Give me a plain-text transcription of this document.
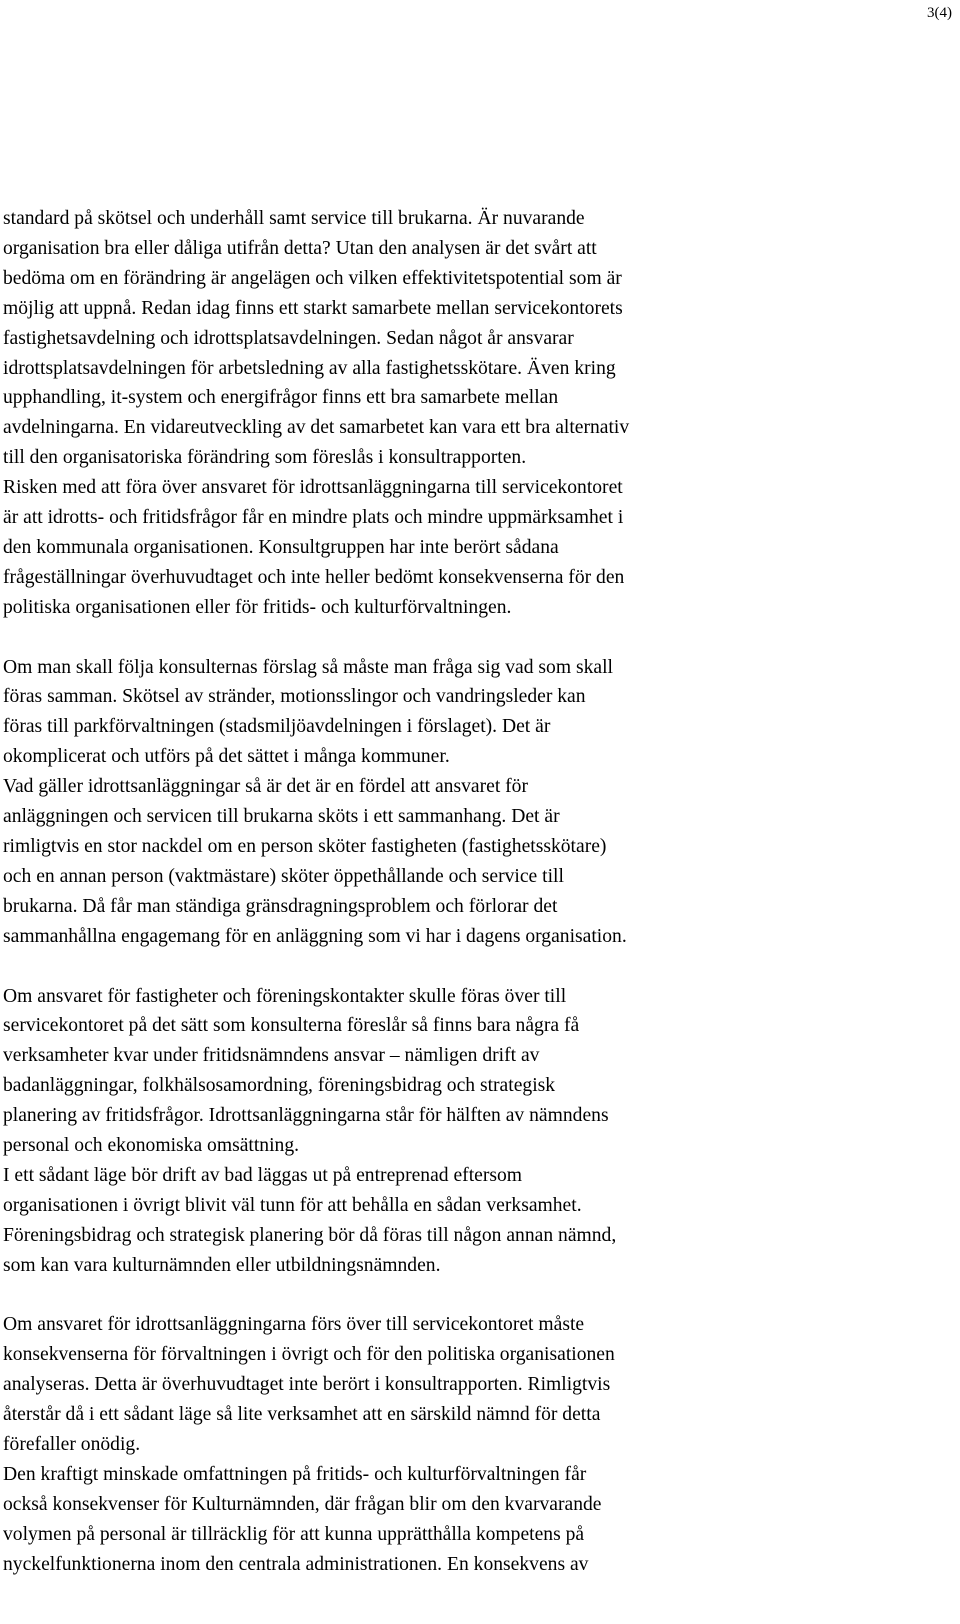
3(4)

standard på skötsel och underhåll samt service till brukarna. Är nuvarande
organisation bra eller dåliga utifrån detta? Utan den analysen är det svårt att
bedöma om en förändring är angelägen och vilken effektivitetspotential som är
möjlig att uppnå. Redan idag finns ett starkt samarbete mellan servicekontorets
fastighetsavdelning och idrottsplatsavdelningen. Sedan något år ansvarar
idrottsplatsavdelningen för arbetsledning av alla fastighetsskötare. Även kring
upphandling, it-system och energifrågor finns ett bra samarbete mellan
avdelningarna. En vidareutveckling av det samarbetet kan vara ett bra alternativ
till den organisatoriska förändring som föreslås i konsultrapporten.

Risken med att föra över ansvaret för idrottsanläggningarna till servicekontoret
är att idrotts- och fritidsfrågor får en mindre plats och mindre uppmärksamhet i
den kommunala organisationen. Konsultgruppen har inte berört sådana
frågeställningar överhuvudtaget och inte heller bedömt konsekvenserna för den
politiska organisationen eller för fritids- och kulturförvaltningen.

Om man skall följa konsulternas förslag så måste man fråga sig vad som skall
föras samman. Skötsel av stränder, motionsslingor och vandringsleder kan
föras till parkförvaltningen (stadsmiljöavdelningen i förslaget). Det är
okomplicerat och utförs på det sättet i många kommuner.

Vad gäller idrottsanläggningar så är det är en fördel att ansvaret för
anläggningen och servicen till brukarna sköts i ett sammanhang. Det är
rimligtvis en stor nackdel om en person sköter fastigheten (fastighetsskötare)
och en annan person (vaktmästare) sköter öppethållande och service till
brukarna. Då får man ständiga gränsdragningsproblem och förlorar det
sammanhållna engagemang för en anläggning som vi har i dagens organisation.

Om ansvaret för fastigheter och föreningskontakter skulle föras över till
servicekontoret på det sätt som konsulterna föreslår så finns bara några få
verksamheter kvar under fritidsnämndens ansvar – nämligen drift av
badanläggningar, folkhälsosamordning, föreningsbidrag och strategisk
planering av fritidsfrågor. Idrottsanläggningarna står för hälften av nämndens
personal och ekonomiska omsättning.

I ett sådant läge bör drift av bad läggas ut på entreprenad eftersom
organisationen i övrigt blivit väl tunn för att behålla en sådan verksamhet.
Föreningsbidrag och strategisk planering bör då föras till någon annan nämnd,
som kan vara kulturnämnden eller utbildningsnämnden.

Om ansvaret för idrottsanläggningarna förs över till servicekontoret måste
konsekvenserna för förvaltningen i övrigt och för den politiska organisationen
analyseras. Detta är överhuvudtaget inte berört i konsultrapporten. Rimligtvis
återstår då i ett sådant läge så lite verksamhet att en särskild nämnd för detta
förefaller onödig.

Den kraftigt minskade omfattningen på fritids- och kulturförvaltningen får
också konsekvenser för Kulturnämnden, där frågan blir om den kvarvarande
volymen på personal är tillräcklig för att kunna upprätthålla kompetens på
nyckelfunktionerna inom den centrala administrationen. En konsekvens av
